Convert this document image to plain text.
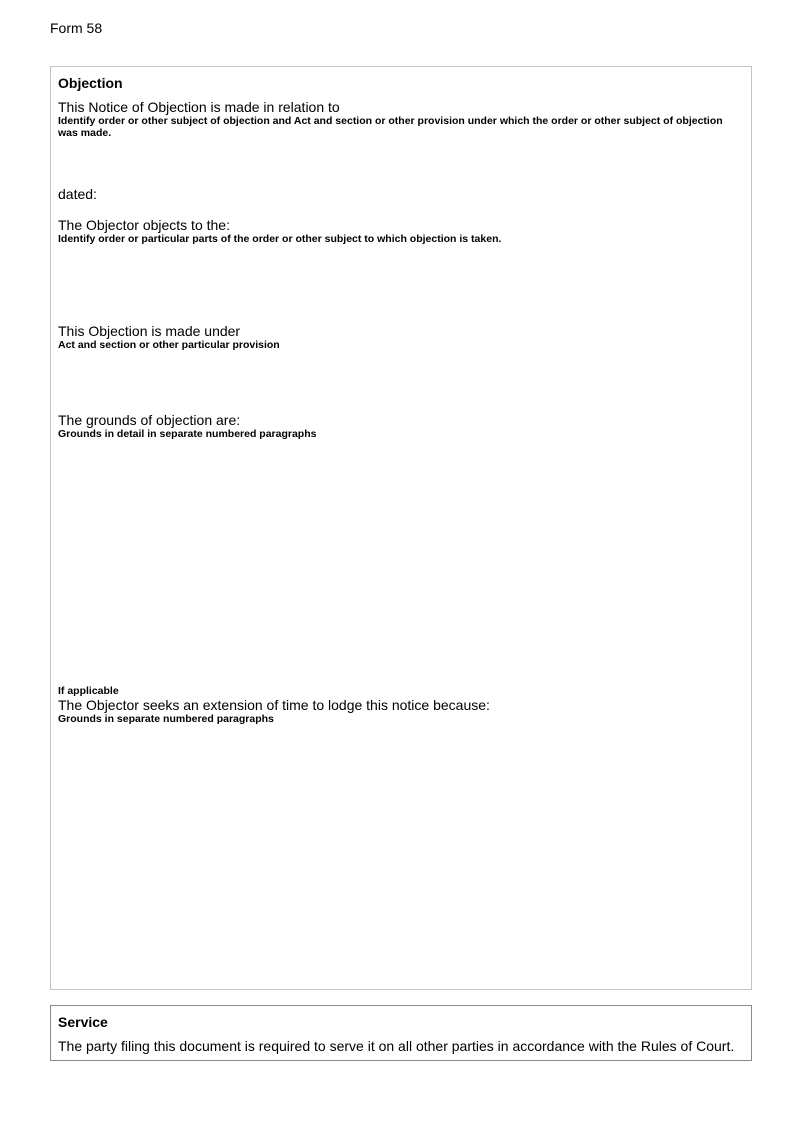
Form 58
Objection
This Notice of Objection is made in relation to
Identify order or other subject of objection and Act and section or other provision under which the order or other subject of objection was made.
dated:
The Objector objects to the:
Identify order or particular parts of the order or other subject to which objection is taken.
This Objection is made under
Act and section or other particular provision
The grounds of objection are:
Grounds in detail in separate numbered paragraphs
If applicable
The Objector seeks an extension of time to lodge this notice because:
Grounds in separate numbered paragraphs
Service
The party filing this document is required to serve it on all other parties in accordance with the Rules of Court.
